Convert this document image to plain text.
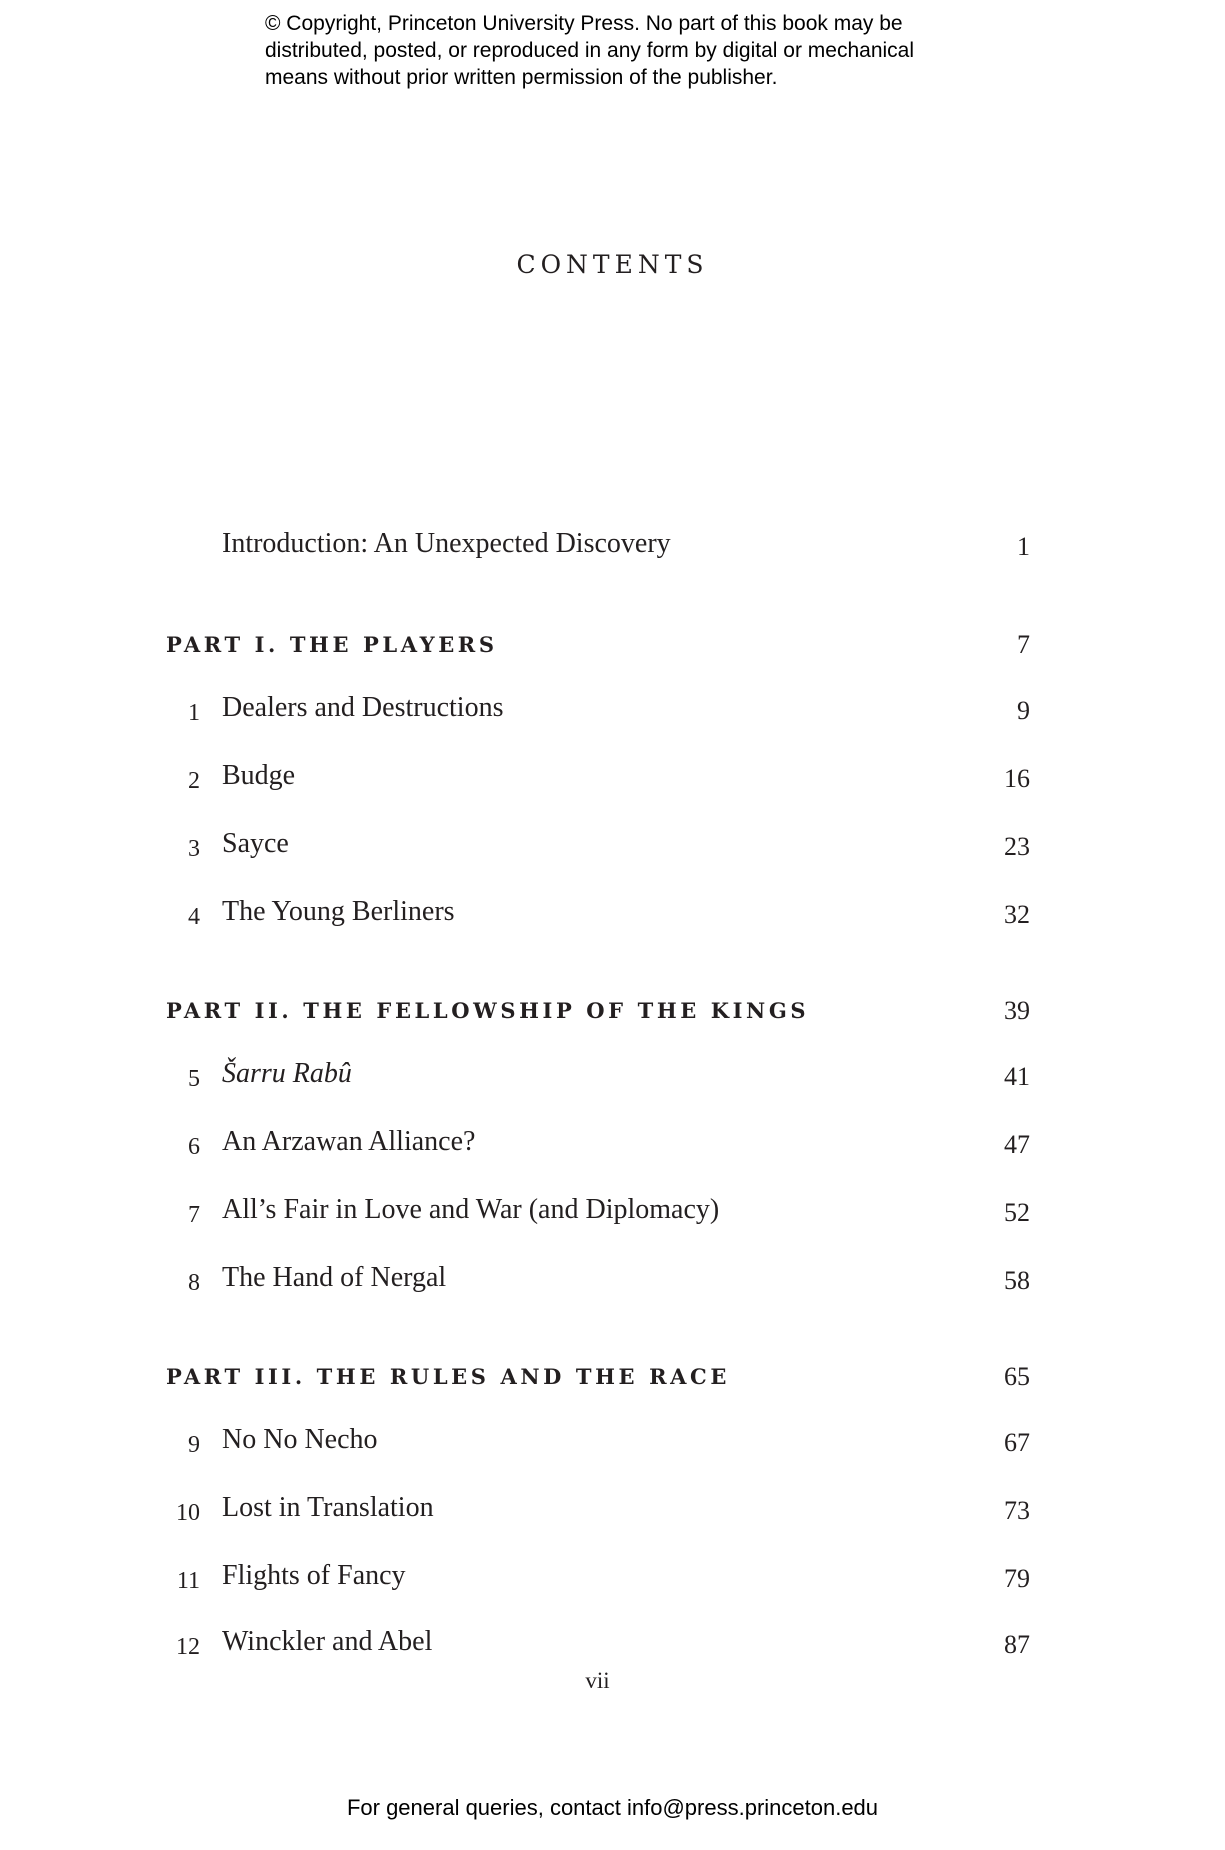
© Copyright, Princeton University Press. No part of this book may be
distributed, posted, or reproduced in any form by digital or mechanical
means without prior written permission of the publisher.
CONTENTS
Introduction: An Unexpected Discovery	1
PART I. THE PLAYERS	7
1 Dealers and Destructions	9
2 Budge	16
3 Sayce	23
4 The Young Berliners	32
PART II. THE FELLOWSHIP OF THE KINGS	39
5 Šarru Rabû	41
6 An Arzawan Alliance?	47
7 All’s Fair in Love and War (and Diplomacy)	52
8 The Hand of Nergal	58
PART III. THE RULES AND THE RACE	65
9 No No Necho	67
10 Lost in Translation	73
11 Flights of Fancy	79
12 Winckler and Abel	87
vii
For general queries, contact info@press.princeton.edu
